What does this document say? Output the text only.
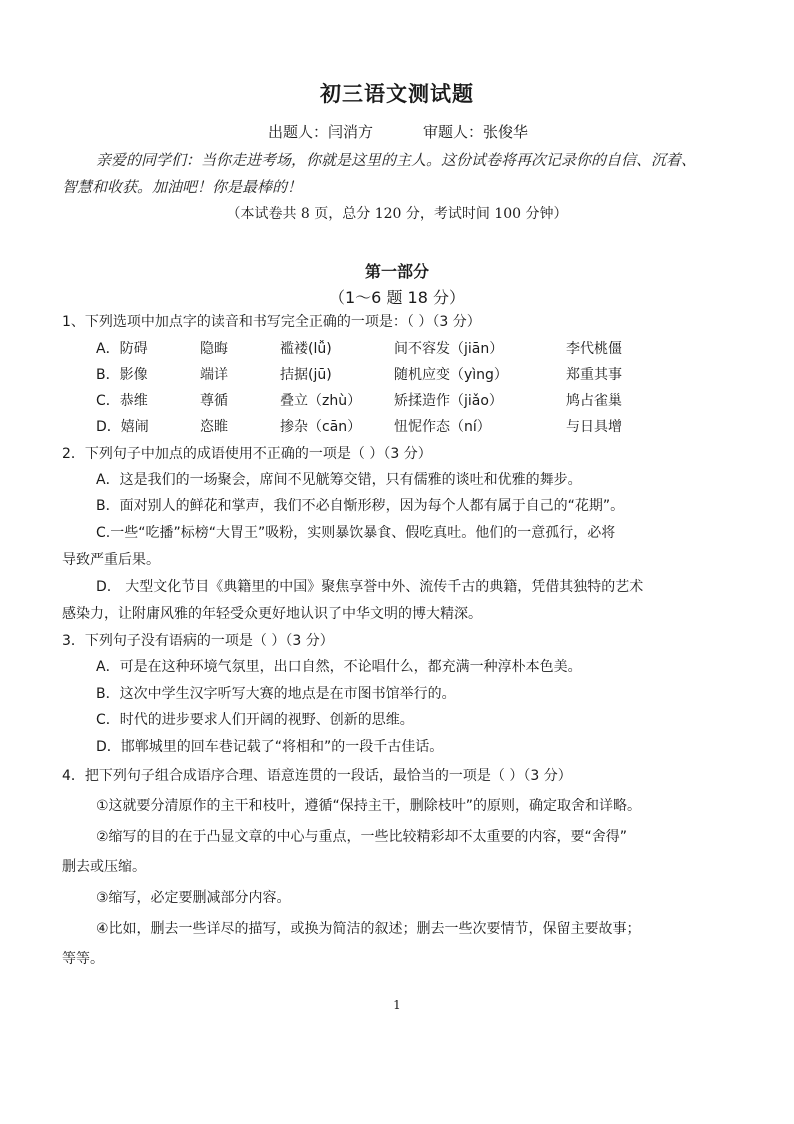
初三语文测试题
出题人：闫消方	审题人：张俊华
亲爱的同学们：当你走进考场，你就是这里的主人。这份试卷将再次记录你的自信、沉着、
智慧和收获。加油吧！你是最棒的！
（本试卷共 8 页，总分 120 分，考试时间 100 分钟）
第一部分
（1～6 题 18 分）
1、下列选项中加点字的读音和书写完全正确的一项是：（ ）（3 分）
A．防碍	隐晦	褴褛(lǚ)	间不容发（jiān）	李代桃僵
B．影像	端详	拮据(jū)	随机应变（yìng）	郑重其事
C．恭维	尊循	叠立（zhù） 矫揉造作（jiǎo）	鸠占雀巢
D．嬉闹	恣睢	掺杂（cān） 忸怩作态（ní）	与日具增
2．下列句子中加点的成语使用不正确的一项是（ ）（3 分）
A．这是我们的一场聚会，席间不见觥筹交错，只有儒雅的谈吐和优雅的舞步。
B．面对别人的鲜花和掌声，我们不必自惭形秽，因为每个人都有属于自己的“花期”。
C.一些“吃播”标榜“大胃王”吸粉，实则暴饮暴食、假吃真吐。他们的一意孤行，必将
导致严重后果。
D.　大型文化节目《典籍里的中国》聚焦享誉中外、流传千古的典籍，凭借其独特的艺术
感染力，让附庸风雅的年轻受众更好地认识了中华文明的博大精深。
3．下列句子没有语病的一项是（ ）（3 分）
A．可是在这种环境气氛里，出口自然，不论唱什么，都充满一种淳朴本色美。
B．这次中学生汉字听写大赛的地点是在市图书馆举行的。
C．时代的进步要求人们开阔的视野、创新的思维。
D．邯郸城里的回车巷记载了“将相和”的一段千古佳话。
4．把下列句子组合成语序合理、语意连贯的一段话，最恰当的一项是（ ）（3 分）
①这就要分清原作的主干和枝叶，遵循“保持主干，删除枝叶”的原则，确定取舍和详略。
②缩写的目的在于凸显文章的中心与重点，一些比较精彩却不太重要的内容，要“舍得”
删去或压缩。
③缩写，必定要删减部分内容。
④比如，删去一些详尽的描写，或换为简洁的叙述；删去一些次要情节，保留主要故事；
等等。
1
